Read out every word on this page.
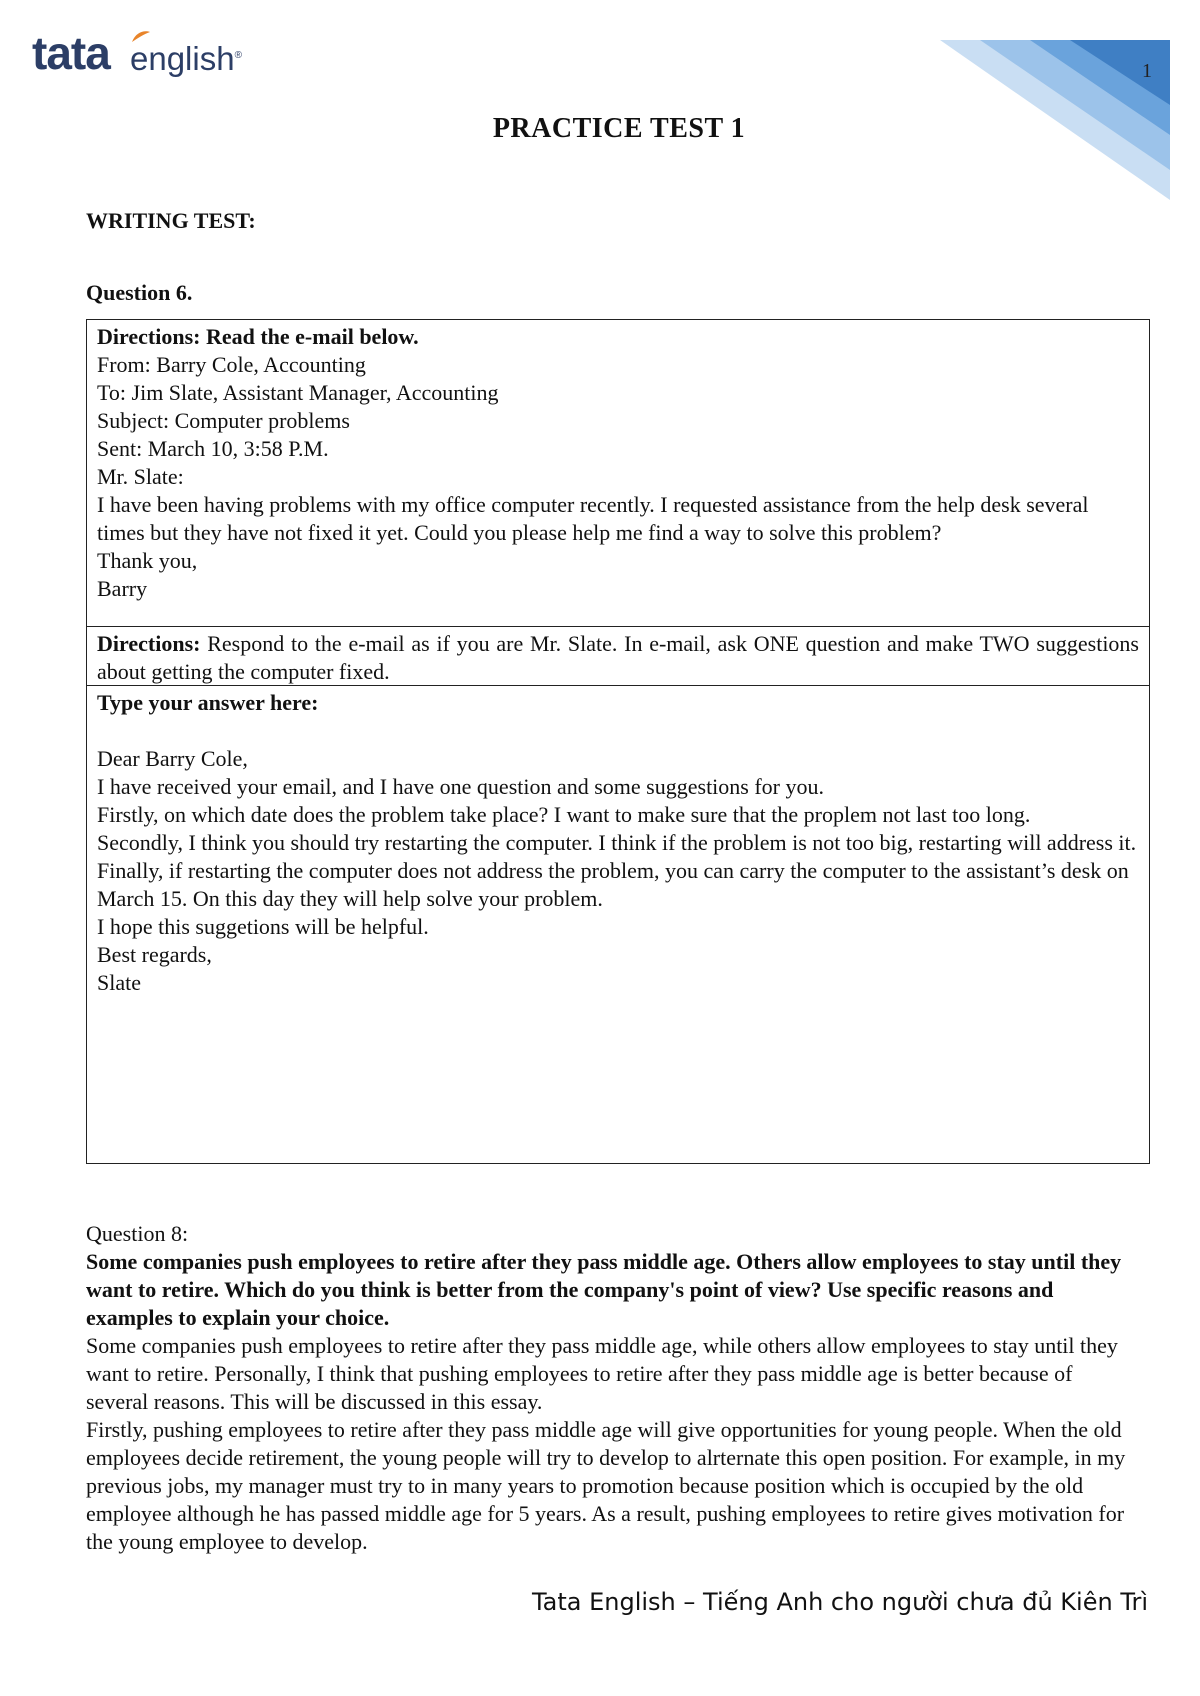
tata english®
1
PRACTICE TEST 1
WRITING TEST:
Question 6.

Directions: Read the e-mail below.

From: Barry Cole, Accounting

To: Jim Slate, Assistant Manager, Accounting

Subject: Computer problems

Sent: March 10, 3:58 P.M.

Mr. Slate:

I have been having problems with my office computer recently. I requested assistance from the help desk several times but they have not fixed it yet. Could you please help me find a way to solve this problem?

Thank you,

Barry

Directions: Respond to the e-mail as if you are Mr. Slate. In e-mail, ask ONE question and make TWO suggestions about getting the computer fixed.

Type your answer here:

Dear Barry Cole,

I have received your email, and I have one question and some suggestions for you.

Firstly, on which date does the problem take place? I want to make sure that the proplem not last too long.

Secondly, I think you should try restarting the computer. I think if the problem is not too big, restarting will address it.

Finally, if restarting the computer does not address the problem, you can carry the computer to the assistant’s desk on March 15. On this day they will help solve your problem.

I hope this suggetions will be helpful.

Best regards,

Slate

Question 8:

Some companies push employees to retire after they pass middle age. Others allow employees to stay until they want to retire. Which do you think is better from the company's point of view? Use specific reasons and examples to explain your choice.

Some companies push employees to retire after they pass middle age, while others allow employees to stay until they want to retire. Personally, I think that pushing employees to retire after they pass middle age is better because of several reasons. This will be discussed in this essay.

Firstly, pushing employees to retire after they pass middle age will give opportunities for young people. When the old employees decide retirement, the young people will try to develop to alrternate this open position. For example, in my previous jobs, my manager must try to in many years to promotion because position which is occupied by the old employee although he has passed middle age for 5 years. As a result, pushing employees to retire gives motivation for the young employee to develop.

Tata English – Tiếng Anh cho người chưa đủ Kiên Trì
